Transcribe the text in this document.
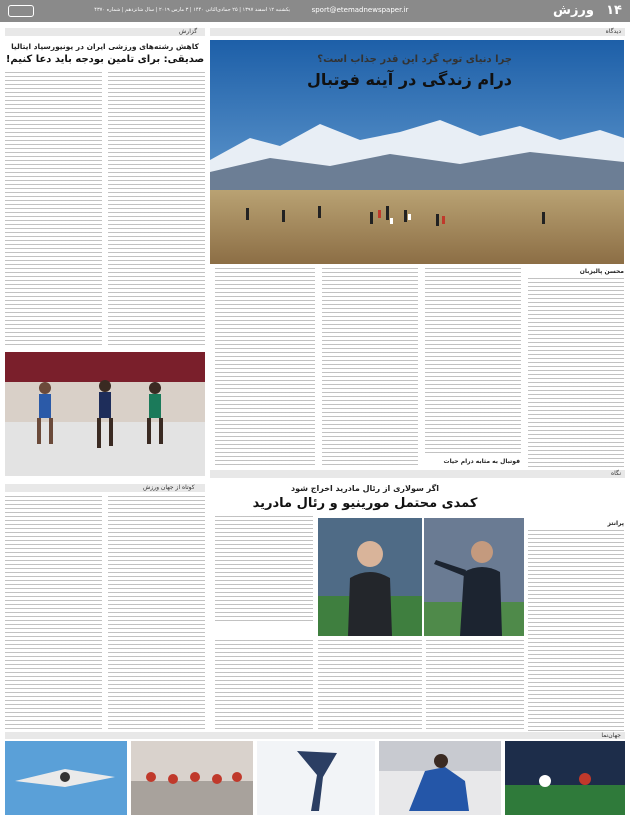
۱۴
ورزش
sport@etemadnewspaper.ir
یکشنبه ۱۲ اسفند ۱۳۹۷ | ۲۵ جمادی‌الثانی ۱۴۴۰ | ۳ مارس ۲۰۱۹ | سال شانزدهم | شماره ۴۳۷۰
دیدگاه
چرا دنیای توپ گرد این قدر جذاب است؟
درام زندگی در آینه فوتبال
محسن پالیزبان
فوتبال به مثابه درام حیات
گزارش
کاهش رشته‌های ورزشی ایران در یونیورسیاد ایتالیا
صدیقی: برای تامین بودجه باید دعا کنیم!
کوتاه از جهان ورزش
نگاه
اگر سولاری از رئال مادرید اخراج شود
کمدی محتمل مورینیو و رئال مادرید
پرانتز
جهان‌نما
